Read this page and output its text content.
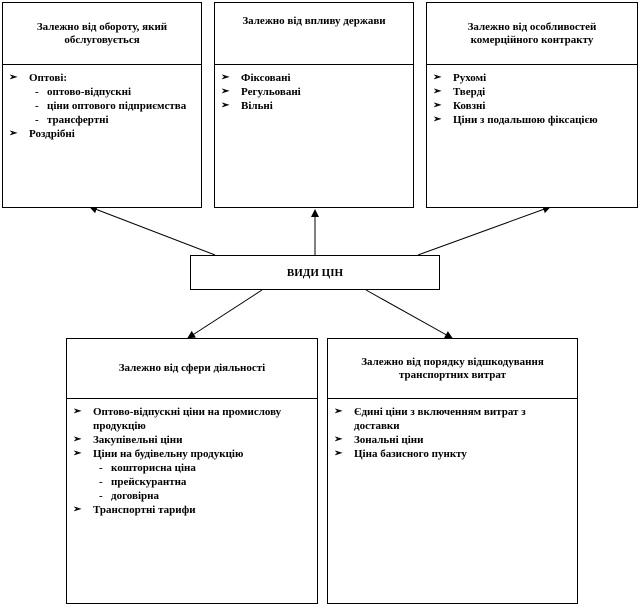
Залежно від обороту, який обслуговується
➢ Оптові:
- оптово-відпускні
- ціни оптового підприємства
- трансфертні
➢ Роздрібні
Залежно від впливу держави
➢ Фіксовані
➢ Регульовані
➢ Вільні
Залежно від особливостей комерційного контракту
➢ Рухомі
➢ Тверді
➢ Ковзні
➢ Ціни з подальшою фіксацією
ВИДИ ЦІН
Залежно від сфери діяльності
➢ Оптово-відпускні ціни на промислову продукцію
➢ Закупівельні ціни
➢ Ціни на будівельну продукцію
- кошторисна ціна
- прейскурантна
- договірна
➢ Транспортні тарифи
Залежно від порядку відшкодування транспортних витрат
➢ Єдині ціни з включенням витрат з доставки
➢ Зональні ціни
➢ Ціна базисного пункту
